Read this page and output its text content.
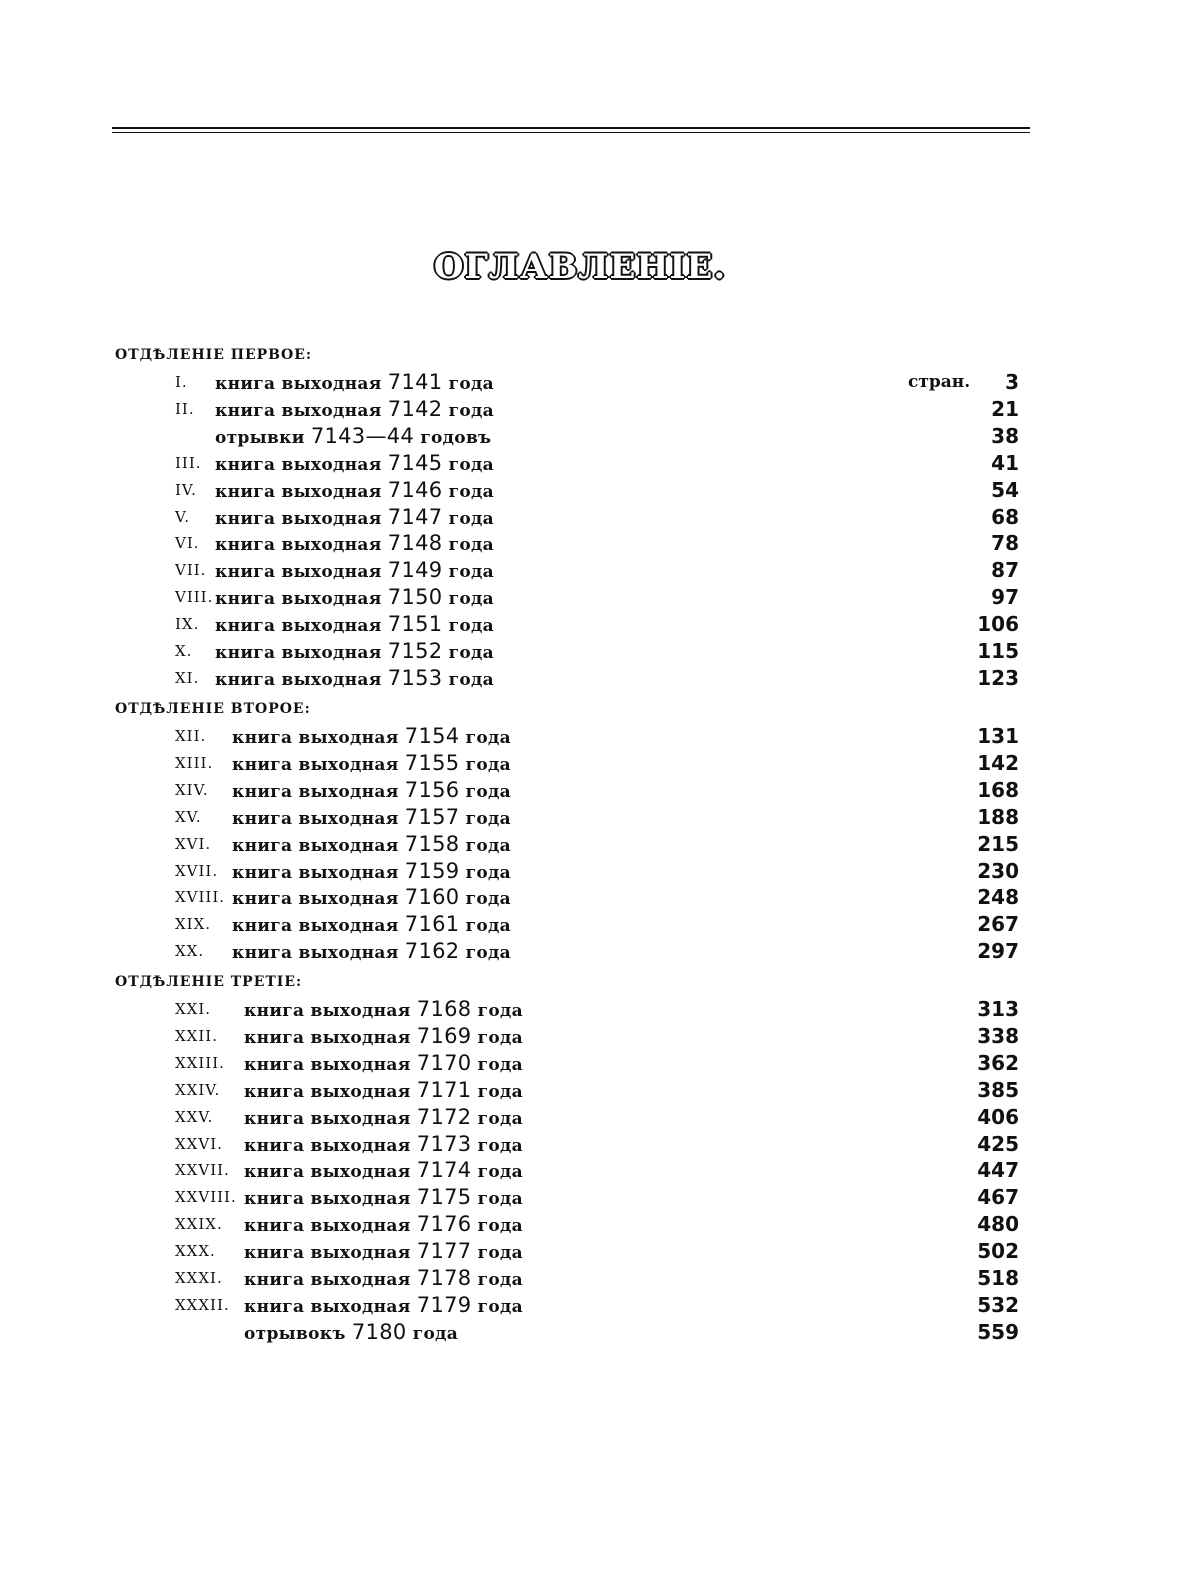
ОГЛАВЛЕНІЕ.
ОТДѢЛЕНІЕ ПЕРВОЕ:
I. книга выходная 7141 года	стран. 3
II. книга выходная 7142 года	21
отрывки 7143—44 годовъ	38
III. книга выходная 7145 года	41
IV. книга выходная 7146 года	54
V. книга выходная 7147 года	68
VI. книга выходная 7148 года	78
VII. книга выходная 7149 года	87
VIII. книга выходная 7150 года	97
IX. книга выходная 7151 года	106
X. книга выходная 7152 года	115
XI. книга выходная 7153 года	123
ОТДѢЛЕНІЕ ВТОРОЕ:
XII. книга выходная 7154 года	131
XIII. книга выходная 7155 года	142
XIV. книга выходная 7156 года	168
XV. книга выходная 7157 года	188
XVI. книга выходная 7158 года	215
XVII. книга выходная 7159 года	230
XVIII. книга выходная 7160 года	248
XIX. книга выходная 7161 года	267
XX. книга выходная 7162 года	297
ОТДѢЛЕНІЕ ТРЕТІЕ:
XXI. книга выходная 7168 года	313
XXII. книга выходная 7169 года	338
XXIII. книга выходная 7170 года	362
XXIV. книга выходная 7171 года	385
XXV. книга выходная 7172 года	406
XXVI. книга выходная 7173 года	425
XXVII. книга выходная 7174 года	447
XXVIII. книга выходная 7175 года	467
XXIX. книга выходная 7176 года	480
XXX. книга выходная 7177 года	502
XXXI. книга выходная 7178 года	518
XXXII. книга выходная 7179 года	532
отрывокъ 7180 года	559
